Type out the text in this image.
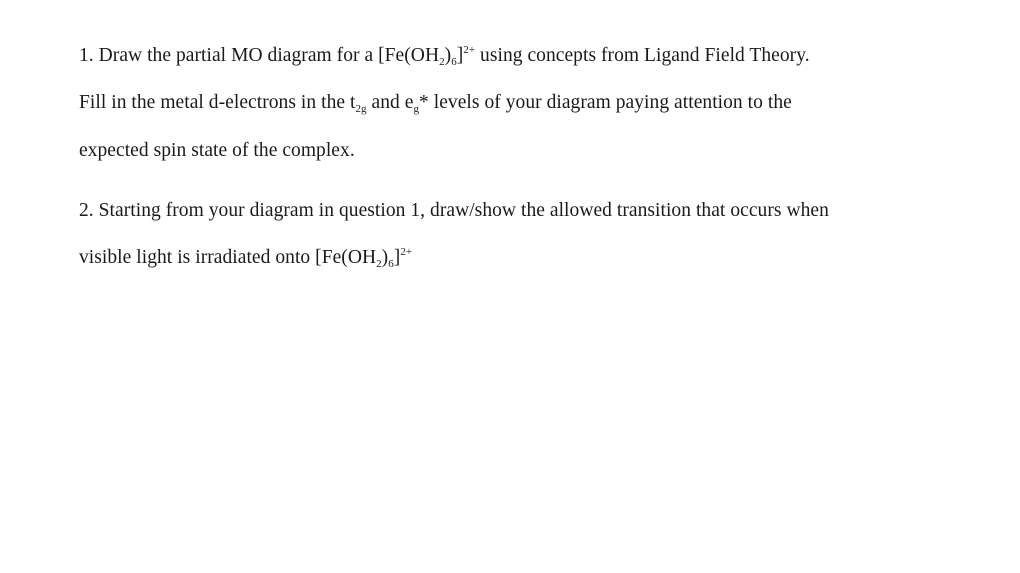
1. Draw the partial MO diagram for a $[Fe(OH_2)_6]^{2+}$ using concepts from Ligand Field Theory.
Fill in the metal d-electrons in the $t_{2g}$ and $e_g*$ levels of your diagram paying attention to the
expected spin state of the complex.
2. Starting from your diagram in question 1, draw/show the allowed transition that occurs when
visible light is irradiated onto $[Fe(OH_2)_6]^{2+}$
